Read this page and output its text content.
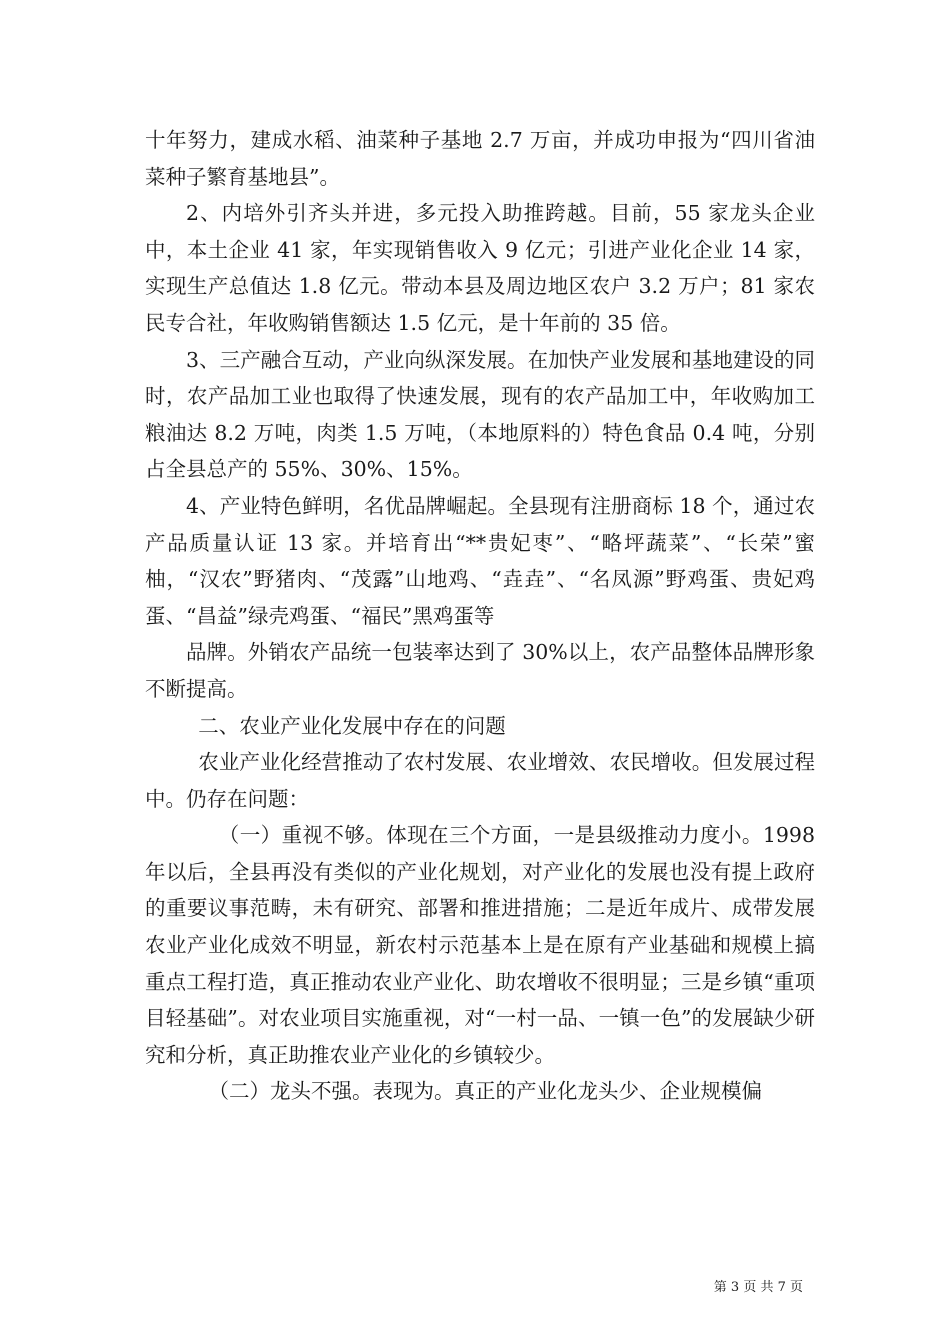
十年努力，建成水稻、油菜种子基地 2.7 万亩，并成功申报为“四川省油菜种子繁育基地县”。

2、内培外引齐头并进，多元投入助推跨越。目前，55 家龙头企业中，本土企业 41 家，年实现销售收入 9 亿元；引进产业化企业 14 家，实现生产总值达 1.8 亿元。带动本县及周边地区农户 3.2 万户；81 家农民专合社，年收购销售额达 1.5 亿元，是十年前的 35 倍。

3、三产融合互动，产业向纵深发展。在加快产业发展和基地建设的同时，农产品加工业也取得了快速发展，现有的农产品加工中，年收购加工粮油达 8.2 万吨，肉类 1.5 万吨，（本地原料的）特色食品 0.4 吨，分别占全县总产的 55%、30%、15%。

4、产业特色鲜明，名优品牌崛起。全县现有注册商标 18 个，通过农产品质量认证 13 家。并培育出“**贵妃枣”、“略坪蔬菜”、“长荣”蜜柚，“汉农”野猪肉、“茂露”山地鸡、“垚垚”、“名凤源”野鸡蛋、贵妃鸡蛋、“昌益”绿壳鸡蛋、“福民”黑鸡蛋等

品牌。外销农产品统一包装率达到了 30%以上，农产品整体品牌形象不断提高。

二、农业产业化发展中存在的问题

农业产业化经营推动了农村发展、农业增效、农民增收。但发展过程中。仍存在问题：

（一）重视不够。体现在三个方面，一是县级推动力度小。1998 年以后，全县再没有类似的产业化规划，对产业化的发展也没有提上政府的重要议事范畴，未有研究、部署和推进措施；二是近年成片、成带发展农业产业化成效不明显，新农村示范基本上是在原有产业基础和规模上搞重点工程打造，真正推动农业产业化、助农增收不很明显；三是乡镇“重项目轻基础”。对农业项目实施重视，对“一村一品、一镇一色”的发展缺少研究和分析，真正助推农业产业化的乡镇较少。

（二）龙头不强。表现为。真正的产业化龙头少、企业规模偏

第 3 页 共 7 页
